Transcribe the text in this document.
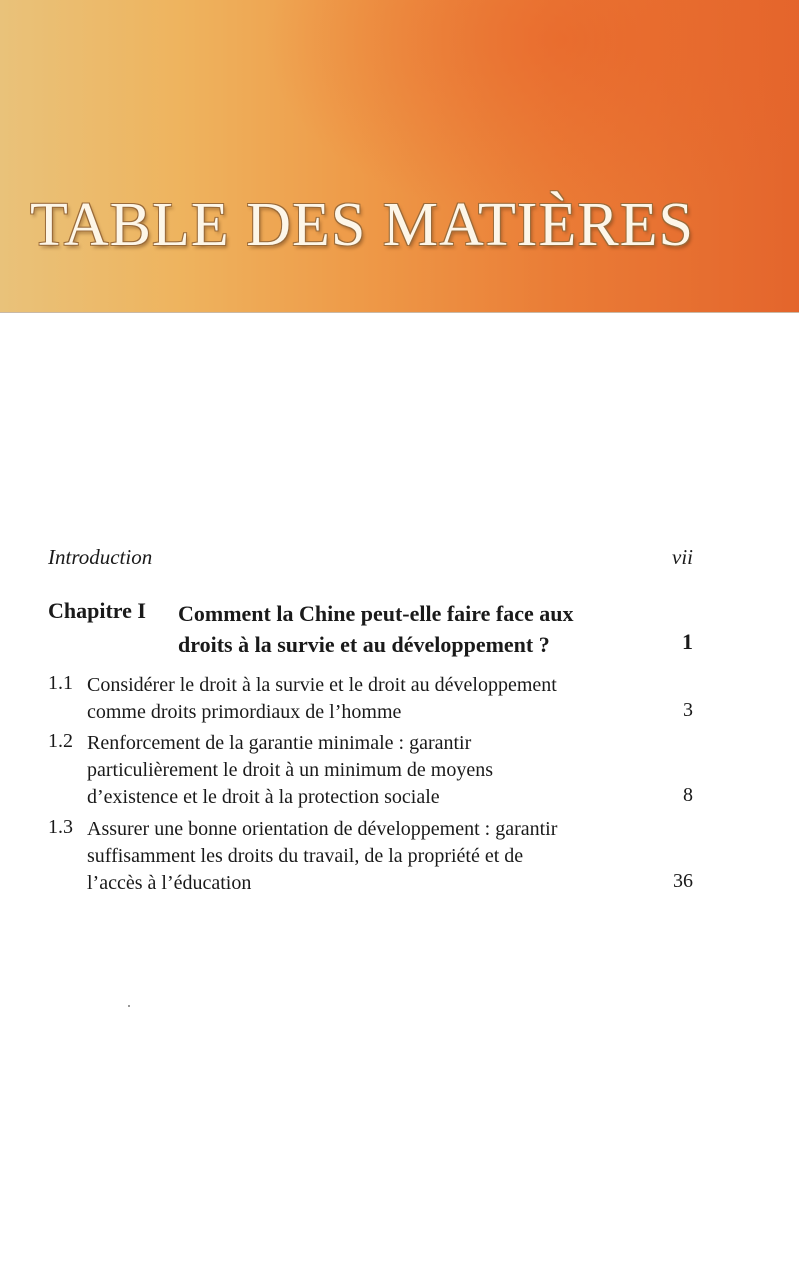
TABLE DES MATIÈRES
Introduction	vii
Chapitre I Comment la Chine peut-elle faire face aux
droits à la survie et au développement ?	1
1.1 Considérer le droit à la survie et le droit au développement
comme droits primordiaux de l’homme	3
1.2 Renforcement de la garantie minimale : garantir
particulièrement le droit à un minimum de moyens
d’existence et le droit à la protection sociale	8
1.3 Assurer une bonne orientation de développement : garantir
suffisamment les droits du travail, de la propriété et de
l’accès à l’éducation	36
